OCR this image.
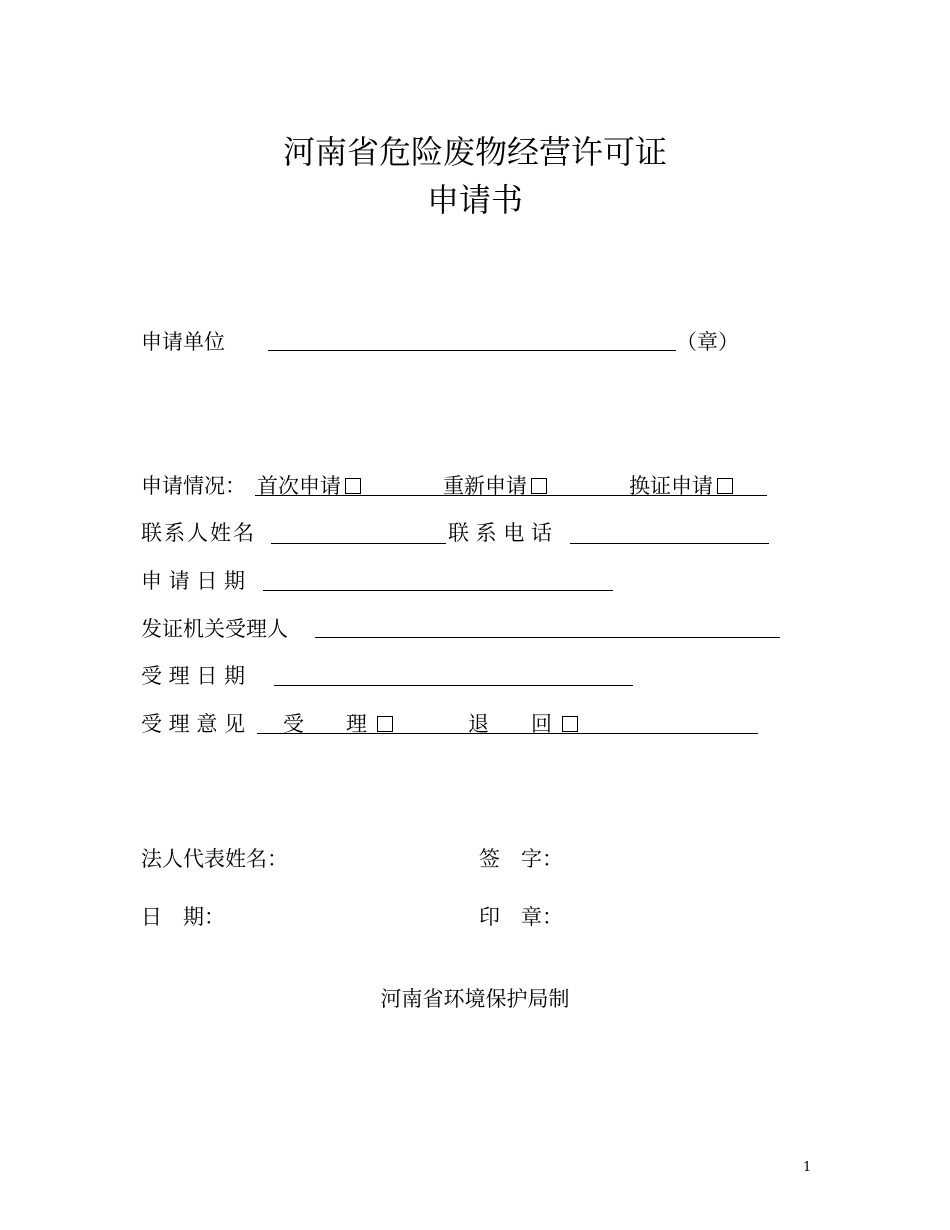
河南省危险废物经营许可证
申请书
申请单位	（章）
申请情况： 首次申请	重新申请	换证申请
联系人姓名	联 系 电 话
申 请 日 期
发证机关受理人
受 理 日 期
受 理 意 见 受　　理	退　　回
法人代表姓名：	签　字：
日　期：	印　章：
河南省环境保护局制
1
